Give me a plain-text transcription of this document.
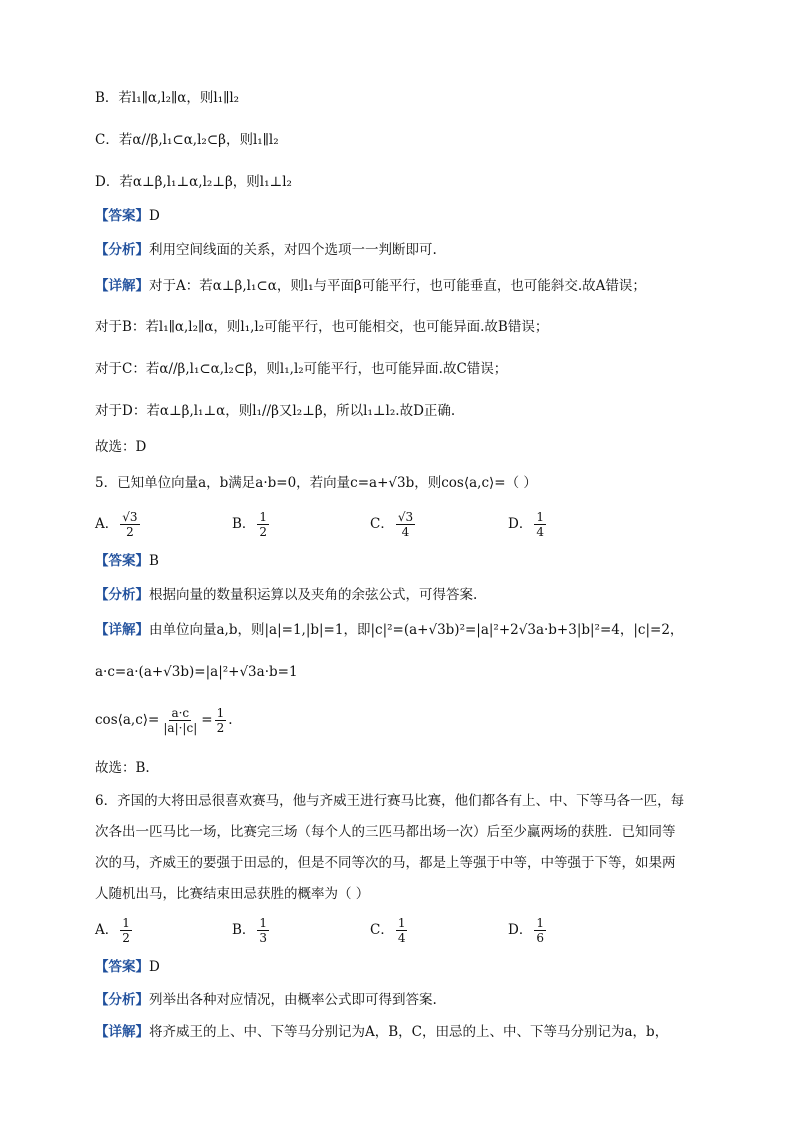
B．若l₁∥α,l₂∥α，则l₁∥l₂
C．若α//β,l₁⊂α,l₂⊂β，则l₁∥l₂
D．若α⊥β,l₁⊥α,l₂⊥β，则l₁⊥l₂
【 答案 】 D
【 分析 】 利用空间线面的关系，对四个选项一一判断即可.
【 详解 】 对于A：若α⊥β,l₁⊂α，则l₁与平面β可能平行，也可能垂直，也可能斜交.故A错误；
对于B：若l₁∥α,l₂∥α，则l₁,l₂可能平行，也可能相交，也可能异面.故B错误；
对于C：若α//β,l₁⊂α,l₂⊂β，则l₁,l₂可能平行，也可能异面.故C错误；
对于D：若α⊥β,l₁⊥α，则l₁//β又l₂⊥β，所以l₁⊥l₂.故D正确.
故选：D
5．已知单位向量a，b满足a·b=0，若向量c=a+√3b，则cos⟨a,c⟩=（ ）
A． $\frac{√3}{2}$	B． $\frac{1}{2}$	C． $\frac{√3}{4}$	D． $\frac{1}{4}$
【 答案 】 B
【 分析 】 根据向量的数量积运算以及夹角的余弦公式，可得答案.
【 详解 】 由单位向量a,b，则|a|=1,|b|=1，即|c|²=(a+√3b)²=|a|²+2√3a·b+3|b|²=4，|c|=2，
a·c=a·(a+√3b)=|a|²+√3a·b=1
cos⟨a,c⟩= $\frac{a\cdot c}{|a|\cdot|c|} = \frac{1}{2}$ .
故选：B.
6．齐国的大将田忌很喜欢赛马，他与齐威王进行赛马比赛，他们都各有上、中、下等马各一匹，每
次各出一匹马比一场，比赛完三场（每个人的三匹马都出场一次）后至少赢两场的获胜．已知同等
次的马，齐威王的要强于田忌的，但是不同等次的马，都是上等强于中等，中等强于下等，如果两
人随机出马，比赛结束田忌获胜的概率为（ ）
A． $\frac{1}{2}$	B． $\frac{1}{3}$	C． $\frac{1}{4}$	D． $\frac{1}{6}$
【 答案 】 D
【 分析 】 列举出各种对应情况，由概率公式即可得到答案.
【 详解 】 将齐威王的上、中、下等马分别记为A，B，C，田忌的上、中、下等马分别记为a，b，
